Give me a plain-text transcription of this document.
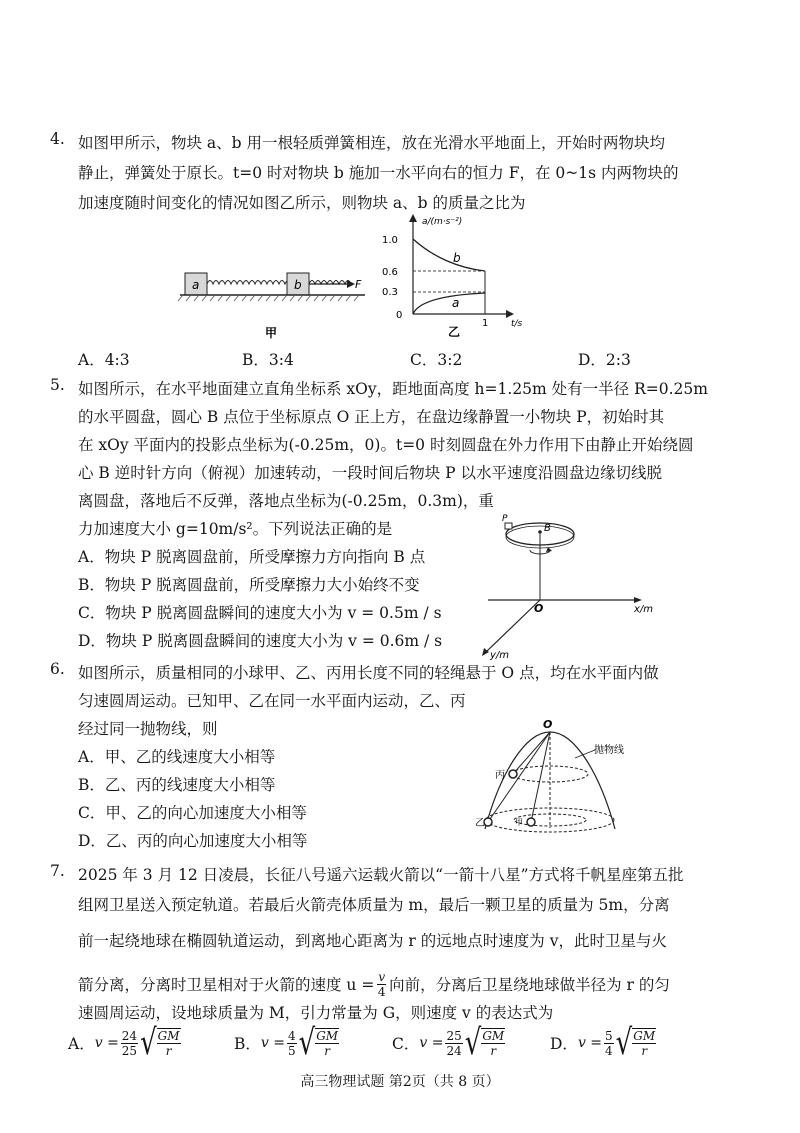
4. 如图甲所示，物块 a、b 用一根轻质弹簧相连，放在光滑水平地面上，开始时两物块均
静止，弹簧处于原长。t=0 时对物块 b 施加一水平向右的恒力 F，在 0~1s 内两物块的
加速度随时间变化的情况如图乙所示，则物块 a、b 的质量之比为
a	b	F
甲
a/(m·s⁻²)
t/s
1.0
0.6
0.3
0
b
a
1
乙
A．4:3	B．3:4	C．3:2	D．2:3
5. 如图所示，在水平地面建立直角坐标系 xOy，距地面高度 h=1.25m 处有一半径 R=0.25m
的水平圆盘，圆心 B 点位于坐标原点 O 正上方，在盘边缘静置一小物块 P，初始时其
在 xOy 平面内的投影点坐标为(-0.25m，0)。t=0 时刻圆盘在外力作用下由静止开始绕圆
心 B 逆时针方向（俯视）加速转动，一段时间后物块 P 以水平速度沿圆盘边缘切线脱
离圆盘，落地后不反弹，落地点坐标为(-0.25m，0.3m)，重
力加速度大小 g=10m/s²。下列说法正确的是
A．物块 P 脱离圆盘前，所受摩擦力方向指向 B 点
B．物块 P 脱离圆盘前，所受摩擦力大小始终不变
C．物块 P 脱离圆盘瞬间的速度大小为 v = 0.5m / s
D．物块 P 脱离圆盘瞬间的速度大小为 v = 0.6m / s
P
B
O	x/m
y/m
6. 如图所示，质量相同的小球甲、乙、丙用长度不同的轻绳悬于 O 点，均在水平面内做
匀速圆周运动。已知甲、乙在同一水平面内运动，乙、丙
经过同一抛物线，则
A．甲、乙的线速度大小相等
B．乙、丙的线速度大小相等
C．甲、乙的向心加速度大小相等
D．乙、丙的向心加速度大小相等
O
抛物线
丙
乙	甲
7. 2025 年 3 月 12 日凌晨，长征八号遥六运载火箭以“一箭十八星”方式将千帆星座第五批
组网卫星送入预定轨道。若最后火箭壳体质量为 m，最后一颗卫星的质量为 5m，分离
前一起绕地球在椭圆轨道运动，到离地心距离为 r 的远地点时速度为 v，此时卫星与火
箭分离，分离时卫星相对于火箭的速度 $u = \frac{v}{4}$ 向前，分离后卫星绕地球做半径为 r 的匀
速圆周运动，设地球质量为 M，引力常量为 G，则速度 v 的表达式为
A． $v = \frac{24}{25}$ √ $\frac{GM}{r}$	B． $v = \frac{4}{5}$ √ $\frac{GM}{r}$	C． $v = \frac{25}{24}$ √ $\frac{GM}{r}$	D． $v = \frac{5}{4}$ √ $\frac{GM}{r}$
高三物理试题 第2页（共 8 页）
